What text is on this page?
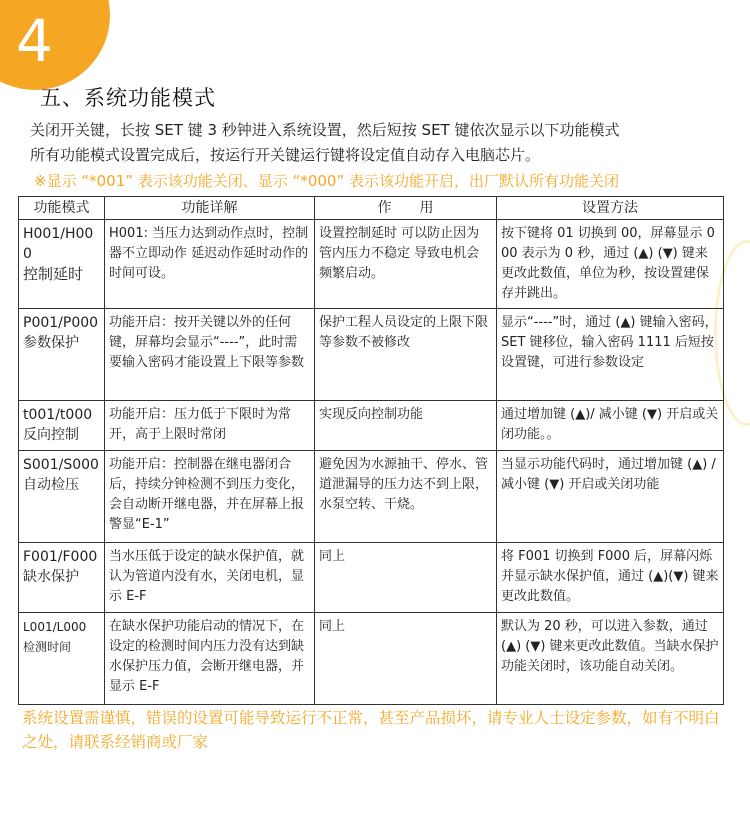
4
五、系统功能模式
关闭开关键，长按 SET 键 3 秒钟进入系统设置，然后短按 SET 键依次显示以下功能模式
所有功能模式设置完成后，按运行开关键运行键将设定值自动存入电脑芯片。
※显示 “*001” 表示该功能关闭、显示 “*000” 表示该功能开启，出厂默认所有功能关闭
功能模式	功能详解	作　　用	设置方法

H001/H000
控制延时	H001: 当压力达到动作点时，控制器不立即动作 延迟动作延时动作的时间可设。	设置控制延时 可以防止因为管内压力不稳定 导致电机会频繁启动。	按下键将 01 切换到 00，屏幕显示 000 表示为 0 秒，通过 (▲) (▼) 键来更改此数值，单位为秒，按设置建保存并跳出。

P001/P000
参数保护	功能开启：按开关键以外的任何键，屏幕均会显示“----”，此时需要输入密码才能设置上下限等参数	保护工程人员设定的上限下限等参数不被修改	显示“----”时，通过 (▲) 键输入密码，SET 键移位，输入密码 1111 后短按设置键，可进行参数设定

t001/t000
反向控制	功能开启：压力低于下限时为常开，高于上限时常闭	实现反向控制功能	通过增加键 (▲)/ 减小键 (▼) 开启或关闭功能。。

S001/S000
自动检压	功能开启：控制器在继电器闭合后，持续分钟检测不到压力变化，会自动断开继电器，并在屏幕上报警显“E-1”	避免因为水源抽干、停水、管道泄漏导的压力达不到上限，水泵空转、干烧。	当显示功能代码时，通过增加键 (▲) /减小键 (▼) 开启或关闭功能

F001/F000
缺水保护	当水压低于设定的缺水保护值，就认为管道内没有水，关闭电机，显示 E-F	同上	将 F001 切换到 F000 后，屏幕闪烁并显示缺水保护值，通过 (▲)(▼) 键来更改此数值。

L001/L000
检测时间	在缺水保护功能启动的情况下，在设定的检测时间内压力没有达到缺水保护压力值，会断开继电器，并显示 E-F	同上	默认为 20 秒，可以进入参数，通过 (▲) (▼) 键来更改此数值。当缺水保护功能关闭时，该功能自动关闭。
系统设置需谨慎，错误的设置可能导致运行不正常，甚至产品损坏，请专业人士设定参数，如有不明白之处，请联系经销商或厂家
